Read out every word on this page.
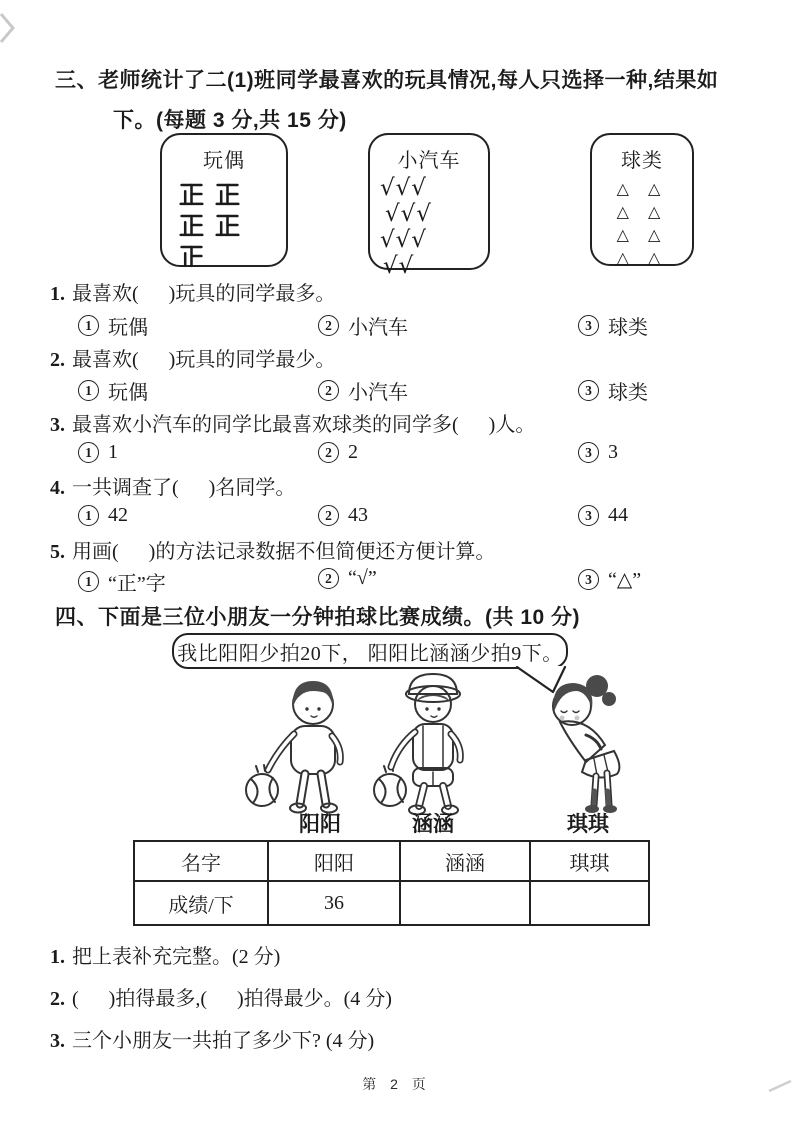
三、老师统计了二(1)班同学最喜欢的玩具情况,每人只选择一种,结果如
下。(每题 3 分,共 15 分)
玩偶	小汽车
√√√
√√√
√√√
√√
球类
△ △
△ △
△ △
△ △
1. 最喜欢(      )玩具的同学最多。
1 玩偶	2 小汽车	3 球类
2. 最喜欢(      )玩具的同学最少。
1 玩偶	2 小汽车	3 球类
3. 最喜欢小汽车的同学比最喜欢球类的同学多(      )人。
1 1	2 2	3 3
4. 一共调查了(      )名同学。
1 42	2 43	3 44
5. 用画(      )的方法记录数据不但简便还方便计算。
1 “正”字	2 “√”	3 “△”
四、下面是三位小朋友一分钟拍球比赛成绩。(共 10 分)
我比阳阳少拍20下， 阳阳比涵涵少拍9下。
阳阳	涵涵	琪琪
名字	阳阳	涵涵	琪琪
成绩/下	36		
1. 把上表补充完整。(2 分)
2. (      )拍得最多,(      )拍得最少。(4 分)
3. 三个小朋友一共拍了多少下? (4 分)
第 2 页
